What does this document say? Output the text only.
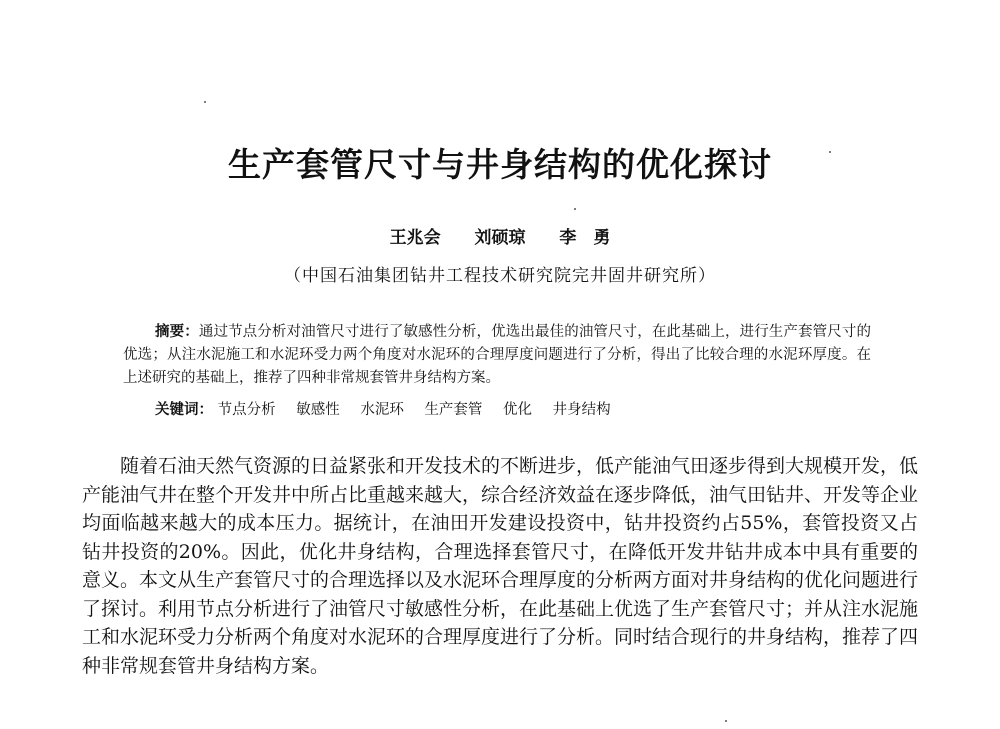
生产套管尺寸与井身结构的优化探讨
王兆会 刘硕琼 李　勇
（中国石油集团钻井工程技术研究院完井固井研究所）

摘要：通过节点分析对油管尺寸进行了敏感性分析，优选出最佳的油管尺寸，在此基础上，进行生产套管尺寸的优选；从注水泥施工和水泥环受力两个角度对水泥环的合理厚度问题进行了分析，得出了比较合理的水泥环厚度。在上述研究的基础上，推荐了四种非常规套管井身结构方案。

关键词： 节点分析 敏感性 水泥环 生产套管 优化 井身结构

随着石油天然气资源的日益紧张和开发技术的不断进步，低产能油气田逐步得到大规模开发，低产能油气井在整个开发井中所占比重越来越大，综合经济效益在逐步降低，油气田钻井、开发等企业均面临越来越大的成本压力。据统计，在油田开发建设投资中，钻井投资约占55%，套管投资又占钻井投资的20%。因此，优化井身结构，合理选择套管尺寸，在降低开发井钻井成本中具有重要的意义。本文从生产套管尺寸的合理选择以及水泥环合理厚度的分析两方面对井身结构的优化问题进行了探讨。利用节点分析进行了油管尺寸敏感性分析，在此基础上优选了生产套管尺寸；并从注水泥施工和水泥环受力分析两个角度对水泥环的合理厚度进行了分析。同时结合现行的井身结构，推荐了四种非常规套管井身结构方案。
